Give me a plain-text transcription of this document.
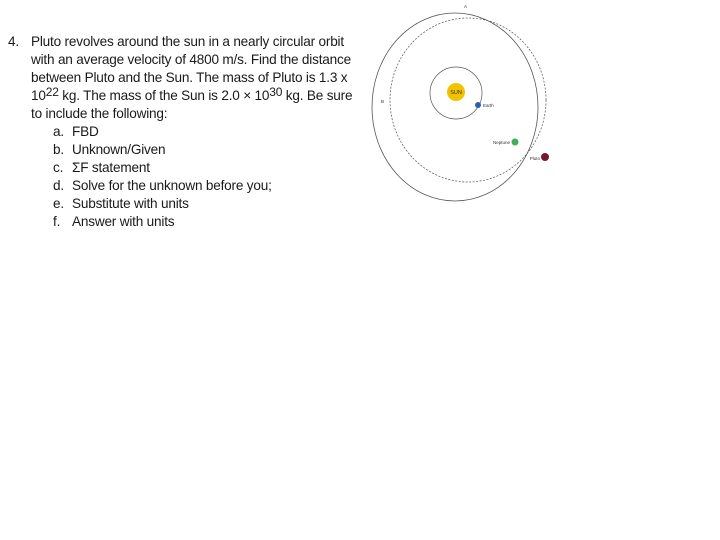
4. Pluto revolves around the sun in a nearly circular orbit
with an average velocity of 4800 m/s. Find the distance
between Pluto and the Sun. The mass of Pluto is 1.3 x
$10^{22}$ kg. The mass of the Sun is $2.0 \times 10^{30}$ kg. Be sure
to include the following:
a. FBD
b. Unknown/Given
c. ΣF statement
d. Solve for the unknown before you;
e. Substitute with units
f. Answer with units
SUN
Earth
Neptune
Pluto
A
B
